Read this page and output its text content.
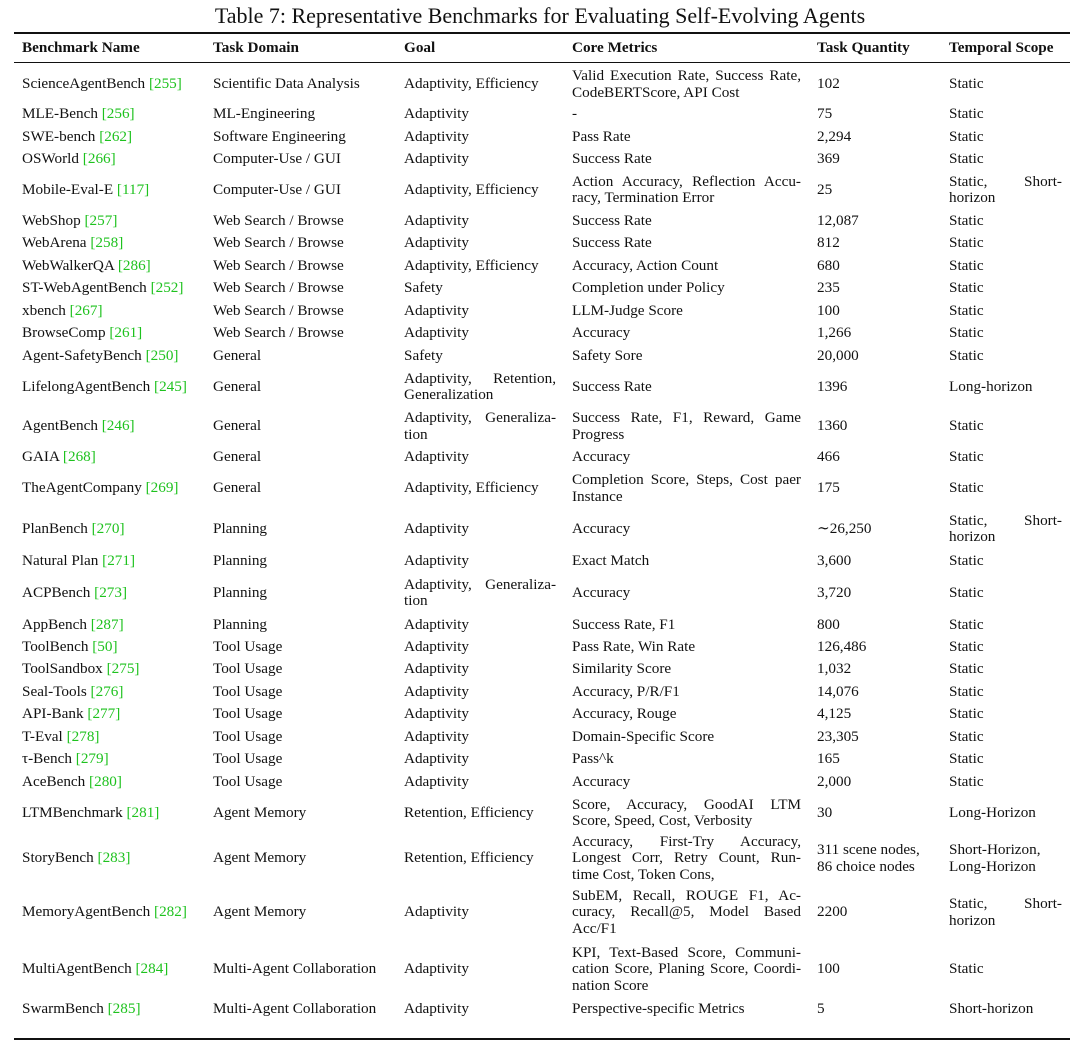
Table 7: Representative Benchmarks for Evaluating Self-Evolving Agents
Benchmark Name	Task Domain	Goal	Core Metrics	Task Quantity	Temporal Scope
ScienceAgentBench [255]	Scientific Data Analysis	Adaptivity, Efficiency	Valid Execution Rate, Success Rate,
CodeBERTScore, API Cost	102	Static

MLE-Bench [256]	ML-Engineering	Adaptivity	-	75	Static

SWE-bench [262]	Software Engineering	Adaptivity	Pass Rate	2,294	Static

OSWorld [266]	Computer-Use / GUI	Adaptivity	Success Rate	369	Static

Mobile-Eval-E [117]	Computer-Use / GUI	Adaptivity, Efficiency	Action Accuracy, Reflection Accu-
racy, Termination Error	25	Static, Short-
horizon

WebShop [257]	Web Search / Browse	Adaptivity	Success Rate	12,087	Static

WebArena [258]	Web Search / Browse	Adaptivity	Success Rate	812	Static

WebWalkerQA [286]	Web Search / Browse	Adaptivity, Efficiency	Accuracy, Action Count	680	Static

ST-WebAgentBench [252]	Web Search / Browse	Safety	Completion under Policy	235	Static

xbench [267]	Web Search / Browse	Adaptivity	LLM-Judge Score	100	Static

BrowseComp [261]	Web Search / Browse	Adaptivity	Accuracy	1,266	Static

Agent-SafetyBench [250]	General	Safety	Safety Sore	20,000	Static

LifelongAgentBench [245]	General	Adaptivity, Retention,
Generalization	Success Rate	1396	Long-horizon

AgentBench [246]	General	Adaptivity, Generaliza-
tion	Success Rate, F1, Reward, Game
Progress	1360	Static

GAIA [268]	General	Adaptivity	Accuracy	466	Static

TheAgentCompany [269]	General	Adaptivity, Efficiency	Completion Score, Steps, Cost paer
Instance	175	Static

PlanBench [270]	Planning	Adaptivity	Accuracy	∼26,250	Static, Short-
horizon

Natural Plan [271]	Planning	Adaptivity	Exact Match	3,600	Static

ACPBench [273]	Planning	Adaptivity, Generaliza-
tion	Accuracy	3,720	Static

AppBench [287]	Planning	Adaptivity	Success Rate, F1	800	Static

ToolBench [50]	Tool Usage	Adaptivity	Pass Rate, Win Rate	126,486	Static

ToolSandbox [275]	Tool Usage	Adaptivity	Similarity Score	1,032	Static

Seal-Tools [276]	Tool Usage	Adaptivity	Accuracy, P/R/F1	14,076	Static

API-Bank [277]	Tool Usage	Adaptivity	Accuracy, Rouge	4,125	Static

T-Eval [278]	Tool Usage	Adaptivity	Domain-Specific Score	23,305	Static

τ-Bench [279]	Tool Usage	Adaptivity	Pass^k	165	Static

AceBench [280]	Tool Usage	Adaptivity	Accuracy	2,000	Static

LTMBenchmark [281]	Agent Memory	Retention, Efficiency	Score, Accuracy, GoodAI LTM
Score, Speed, Cost, Verbosity	30	Long-Horizon

StoryBench [283]	Agent Memory	Retention, Efficiency	Accuracy, First-Try Accuracy,
Longest Corr, Retry Count, Run-
time Cost, Token Cons,	311 scene nodes,
86 choice nodes	Short-Horizon,
Long-Horizon

MemoryAgentBench [282]	Agent Memory	Adaptivity	SubEM, Recall, ROUGE F1, Ac-
curacy, Recall@5, Model Based
Acc/F1	2200	Static, Short-
horizon

MultiAgentBench [284]	Multi-Agent Collaboration	Adaptivity	KPI, Text-Based Score, Communi-
cation Score, Planing Score, Coordi-
nation Score	100	Static

SwarmBench [285]	Multi-Agent Collaboration	Adaptivity	Perspective-specific Metrics	5	Short-horizon
